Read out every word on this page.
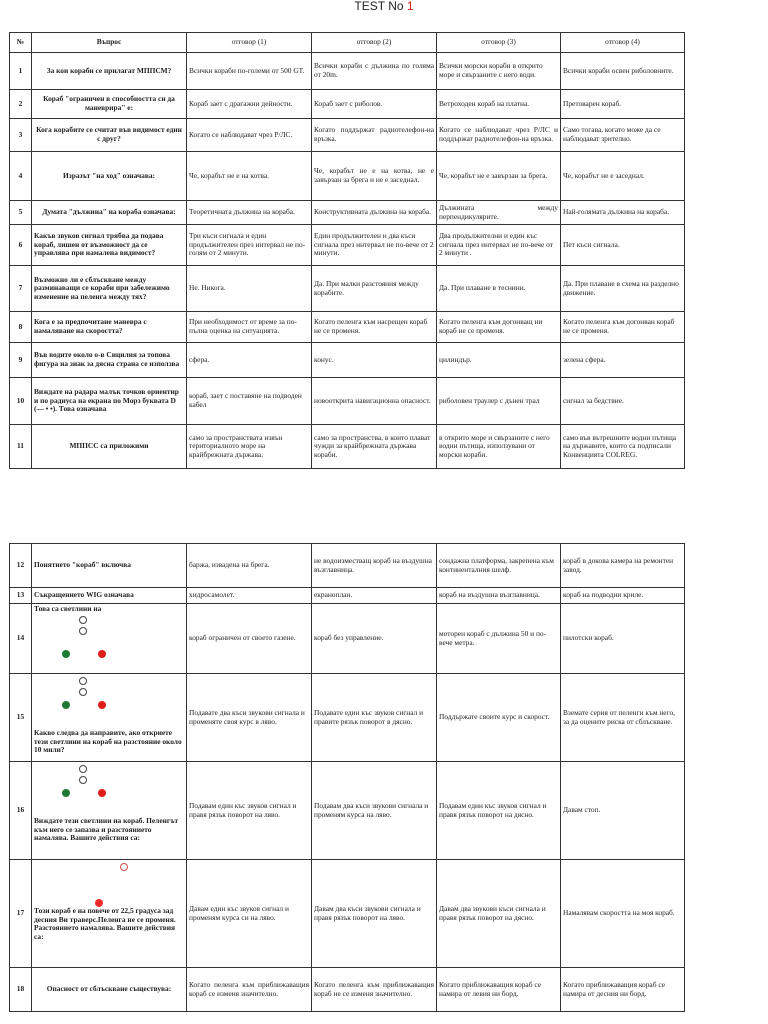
TEST No 1
№	Въпрос	отговор (1)	отговор (2)	отговор (3)	отговор (4)
1	За кои кораби се прилагат МППСМ?	Всички кораби по-големи от 500 GT.	Всички кораби с дължина по голяма от 20m.	Всички морски кораби в открито море и свързаните с него води.	Всички кораби освен риболовните.
2	Кораб "ограничен в способността си да маневрира" е:	Кораб зает с драгажни дейности.	Кораб зает с риболов.	Ветроходен кораб на платна.	Претоварен кораб.
3	Кога корабите се считат във видимост един с друг?	Когато се наблюдават чрез Р/ЛС.	Когато поддържат радиотелефон-на връзка.	Когато се наблюдават чрез Р/ЛС и поддържат радиотелефон-на връзка.	Само тогава, когато може да се наблюдават зрително.
4	Изразът "на ход" означава:	Че, корабът не е на котва.	Че, корабът не е на котва, не е завързан за брега и не е заседнал.	Че, корабът не е завързан за брега.	Че, корабът не е заседнал.
5	Думата "дължина" на кораба означава:	Теоретичната дължина на кораба.	Конструктивната дължина на кораба.	Дължината между перпендикулярите.	Най-голямата дължина на кораба.
6	Какъв звуков сигнал трябва да подава кораб, лишен от възможност да се управлява при намалена видимост?	Три къси сигнала и един продължителен през интервал не по- голям от 2 минути.	Един продължителен и два къси сигнала през интервал не по-вече от 2 минути.	Два продължителни и един къс сигнала през интервал не по-вече от 2 минути .	Пет къси сигнала.
7	Възможно ли е сблъскване между разминаващи се кораби при забележимо изменение на пеленга между тях?	Не. Никога.	Да. При малки разстояния между корабите.	Да. При плаване в теснини.	Да. При плаване в схема на разделно движение.
8	Кога е за предпочитане маневра с намаляване на скоростта?	При необходимост от време за по-пълна оценка на ситуацията.	Когато пеленга към насрещен кораб не се променя.	Когато пеленга към догонващ ни кораб не се променя.	Когато пеленга към догонван кораб не се променя.
9	Във водите около о-в Сицилия за топова фигура на знак за дясна страна се използва	сфера.	конус.	цилиндър.	зелена сфера.
10	Виждате на радара малък точков ориентир и по радиуса на екрана по Морз буквата D (— • •). Това означава	кораб, зает с поставяне на подводен кабел	новооткрита навигационна опасност.	риболовен траулер с дънен трал	сигнал за бедствие.
11	МППСС са приложими	само за пространствата извън териториалното море на крайбрежната държава.	само за пространства, в които плават чужди за крайбрежната държава кораби.	в открито море и свързаните с него водни пътища, използувани от морски кораби.	само във вътрешните водни пътища на държавите, които са подписали Конвенцията COLREG.
12	Понятието "кораб" включва	баржа, извадена на брега.	не водоизместващ кораб на въздушна възглавница.	сондажна платформа, закрепена към континенталния шелф.	кораб в докова камера на ремонтен завод.
13	Съкращението WIG означава	хидросамолет.	екраноплан.	кораб на въздушна възглавница.	кораб на подводни криле.
14	Това са светлини на	кораб ограничен от своето газене.	кораб без управление.	моторен кораб с дължина 50 и по-вече метра.	пилотски кораб.
15	Какво следва да направите, ако откриете тези светлини на кораб на разстояние около 10 мили?	Подавате два къси звукови сигнала и променяте своя курс в ляво.	Подавате един къс звуков сигнал и правите рязък поворот в дясно.	Поддържате своите курс и скорост.	Вземате серия от пеленги към него, за да оцените риска от сблъскване.
16	Виждате тези светлини на кораб. Пеленгът към него се запазва и разстоянието намалява. Вашите действия са:	Подавам един къс звуков сигнал и правя рязък поворот на ляво.	Подавам два къси звукови сигнала и променям курса на ляво.	Подавам един къс звуков сигнал и правя рязък поворот на дясно.	Давам стоп.
17	Този кораб е на повече от 22,5 градуса зад десния Ви траверс.Пеленга не се променя. Разстоянието намалява. Вашите действия са:	Давам един къс звуков сигнал и променям курса си на ляво.	Давам два къси звукови сигнала и правя рязък поворот на ляво.	Давам два звукови къси сигнала и правя рязък поворот на дясно.	Намалявам скоростта на моя кораб.
18	Опасност от сблъскване съществува:	Когато пеленга към приближаващия кораб се изменя значително.	Когато пеленга към приближаващия кораб не се изменя значително.	Когато приближаващия кораб се намира от левия ни борд.	Когато приближаващия кораб се намира от десния ни борд.
